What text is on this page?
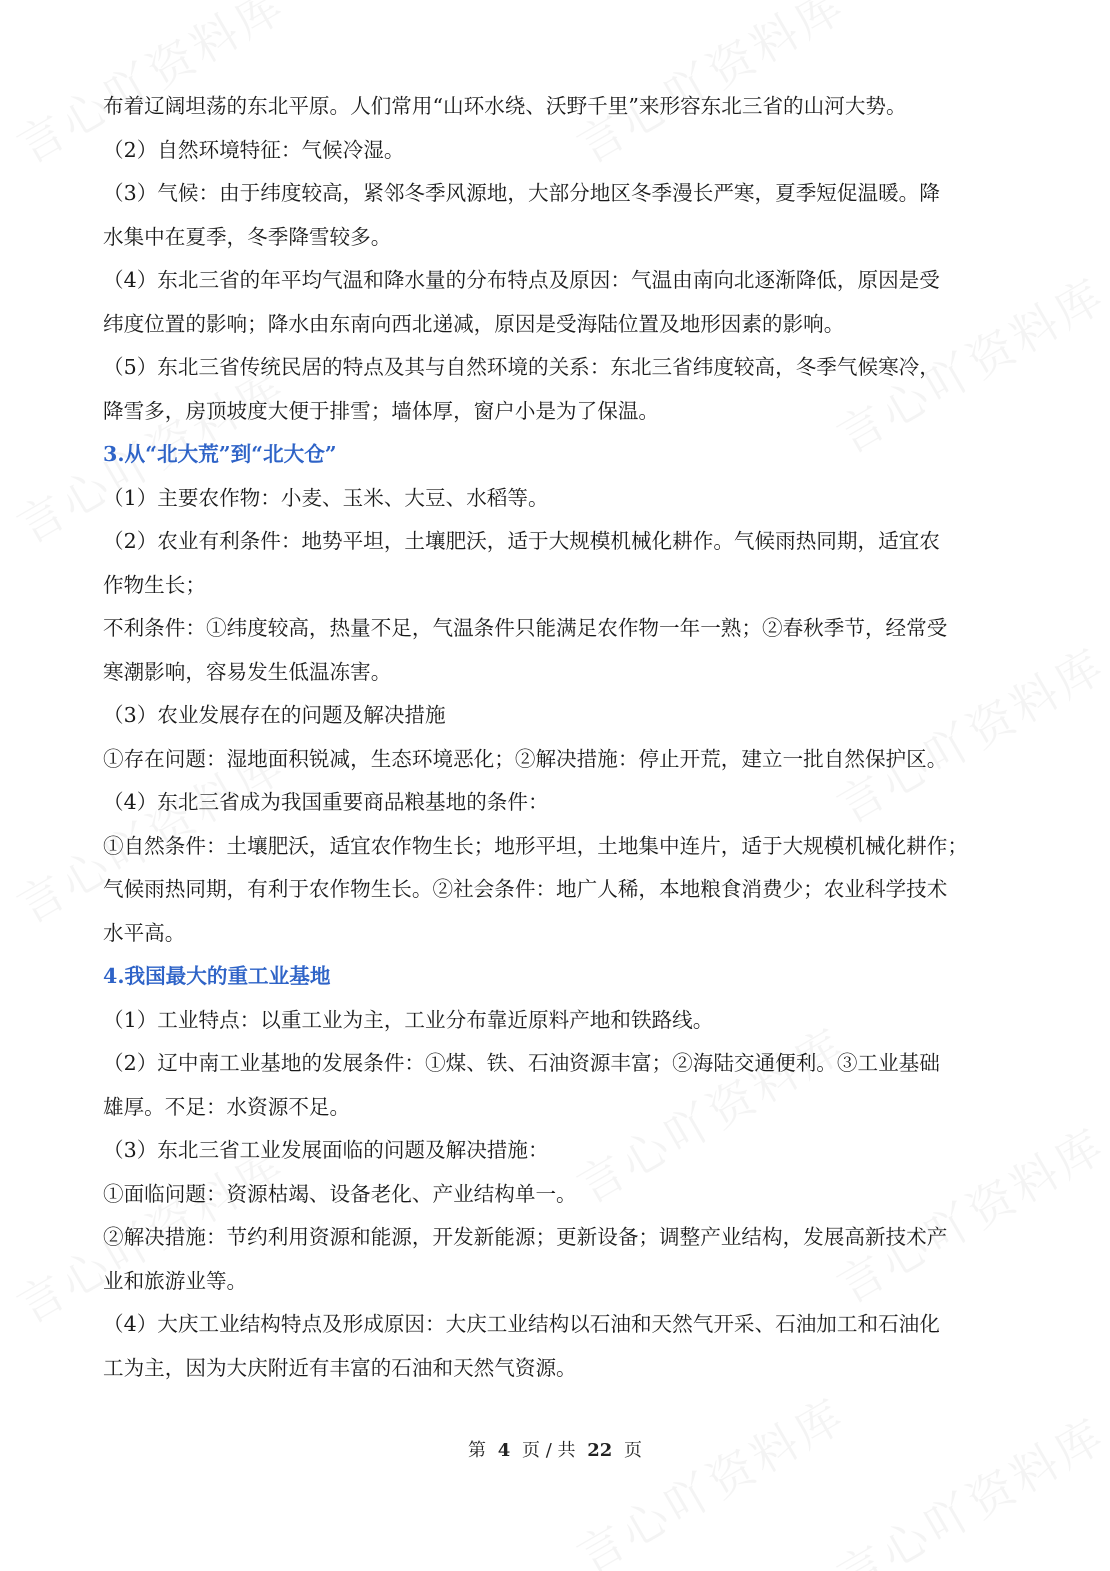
布着辽阔坦荡的东北平原。人们常用“山环水绕、沃野千里”来形容东北三省的山河大势。
（2）自然环境特征：气候冷湿。
（3）气候：由于纬度较高，紧邻冬季风源地，大部分地区冬季漫长严寒，夏季短促温暖。降
水集中在夏季，冬季降雪较多。
（4）东北三省的年平均气温和降水量的分布特点及原因：气温由南向北逐渐降低，原因是受
纬度位置的影响；降水由东南向西北递减，原因是受海陆位置及地形因素的影响。
（5）东北三省传统民居的特点及其与自然环境的关系：东北三省纬度较高，冬季气候寒冷，
降雪多，房顶坡度大便于排雪；墙体厚，窗户小是为了保温。
3.从“北大荒”到“北大仓”
（1）主要农作物：小麦、玉米、大豆、水稻等。
（2）农业有利条件：地势平坦，土壤肥沃，适于大规模机械化耕作。气候雨热同期，适宜农
作物生长；
不利条件：①纬度较高，热量不足，气温条件只能满足农作物一年一熟；②春秋季节，经常受
寒潮影响，容易发生低温冻害。
（3）农业发展存在的问题及解决措施
①存在问题：湿地面积锐减，生态环境恶化；②解决措施：停止开荒，建立一批自然保护区。
（4）东北三省成为我国重要商品粮基地的条件：
①自然条件：土壤肥沃，适宜农作物生长；地形平坦，土地集中连片，适于大规模机械化耕作；
气候雨热同期，有利于农作物生长。②社会条件：地广人稀，本地粮食消费少；农业科学技术
水平高。
4.我国最大的重工业基地
（1）工业特点：以重工业为主，工业分布靠近原料产地和铁路线。
（2）辽中南工业基地的发展条件：①煤、铁、石油资源丰富；②海陆交通便利。③工业基础
雄厚。不足：水资源不足。
（3）东北三省工业发展面临的问题及解决措施：
①面临问题：资源枯竭、设备老化、产业结构单一。
②解决措施：节约利用资源和能源，开发新能源；更新设备；调整产业结构，发展高新技术产
业和旅游业等。
（4）大庆工业结构特点及形成原因：大庆工业结构以石油和天然气开采、石油加工和石油化
工为主，因为大庆附近有丰富的石油和天然气资源。
第 4 页 / 共 22 页
